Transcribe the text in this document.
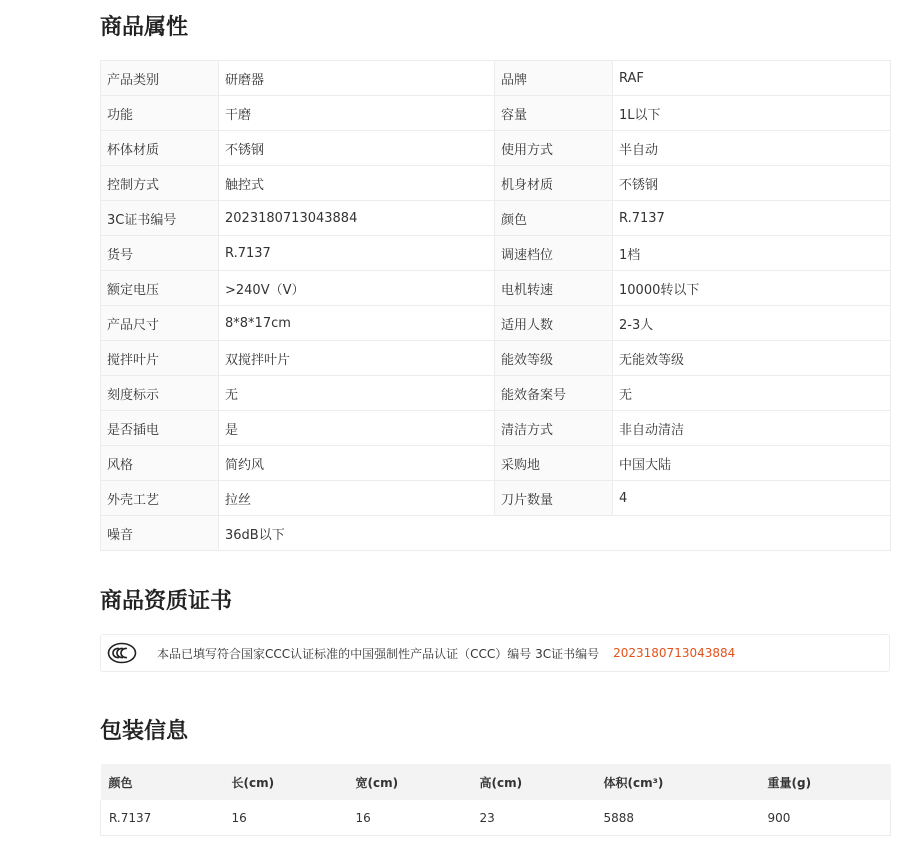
商品属性
产品类别	研磨器	品牌	RAF
功能	干磨	容量	1L以下
杯体材质	不锈钢	使用方式	半自动
控制方式	触控式	机身材质	不锈钢
3C证书编号	2023180713043884	颜色	R.7137
货号	R.7137	调速档位	1档
额定电压	>240V（V）	电机转速	10000转以下
产品尺寸	8*8*17cm	适用人数	2-3人
搅拌叶片	双搅拌叶片	能效等级	无能效等级
刻度标示	无	能效备案号	无
是否插电	是	清洁方式	非自动清洁
风格	简约风	采购地	中国大陆
外壳工艺	拉丝	刀片数量	4
噪音	36dB以下		
商品资质证书
本品已填写符合国家CCC认证标准的中国强制性产品认证（CCC）编号 3C证书编号 2023180713043884
包装信息
颜色	长(cm)	宽(cm)	高(cm)	体积(cm³)	重量(g)
R.7137	16	16	23	5888	900
